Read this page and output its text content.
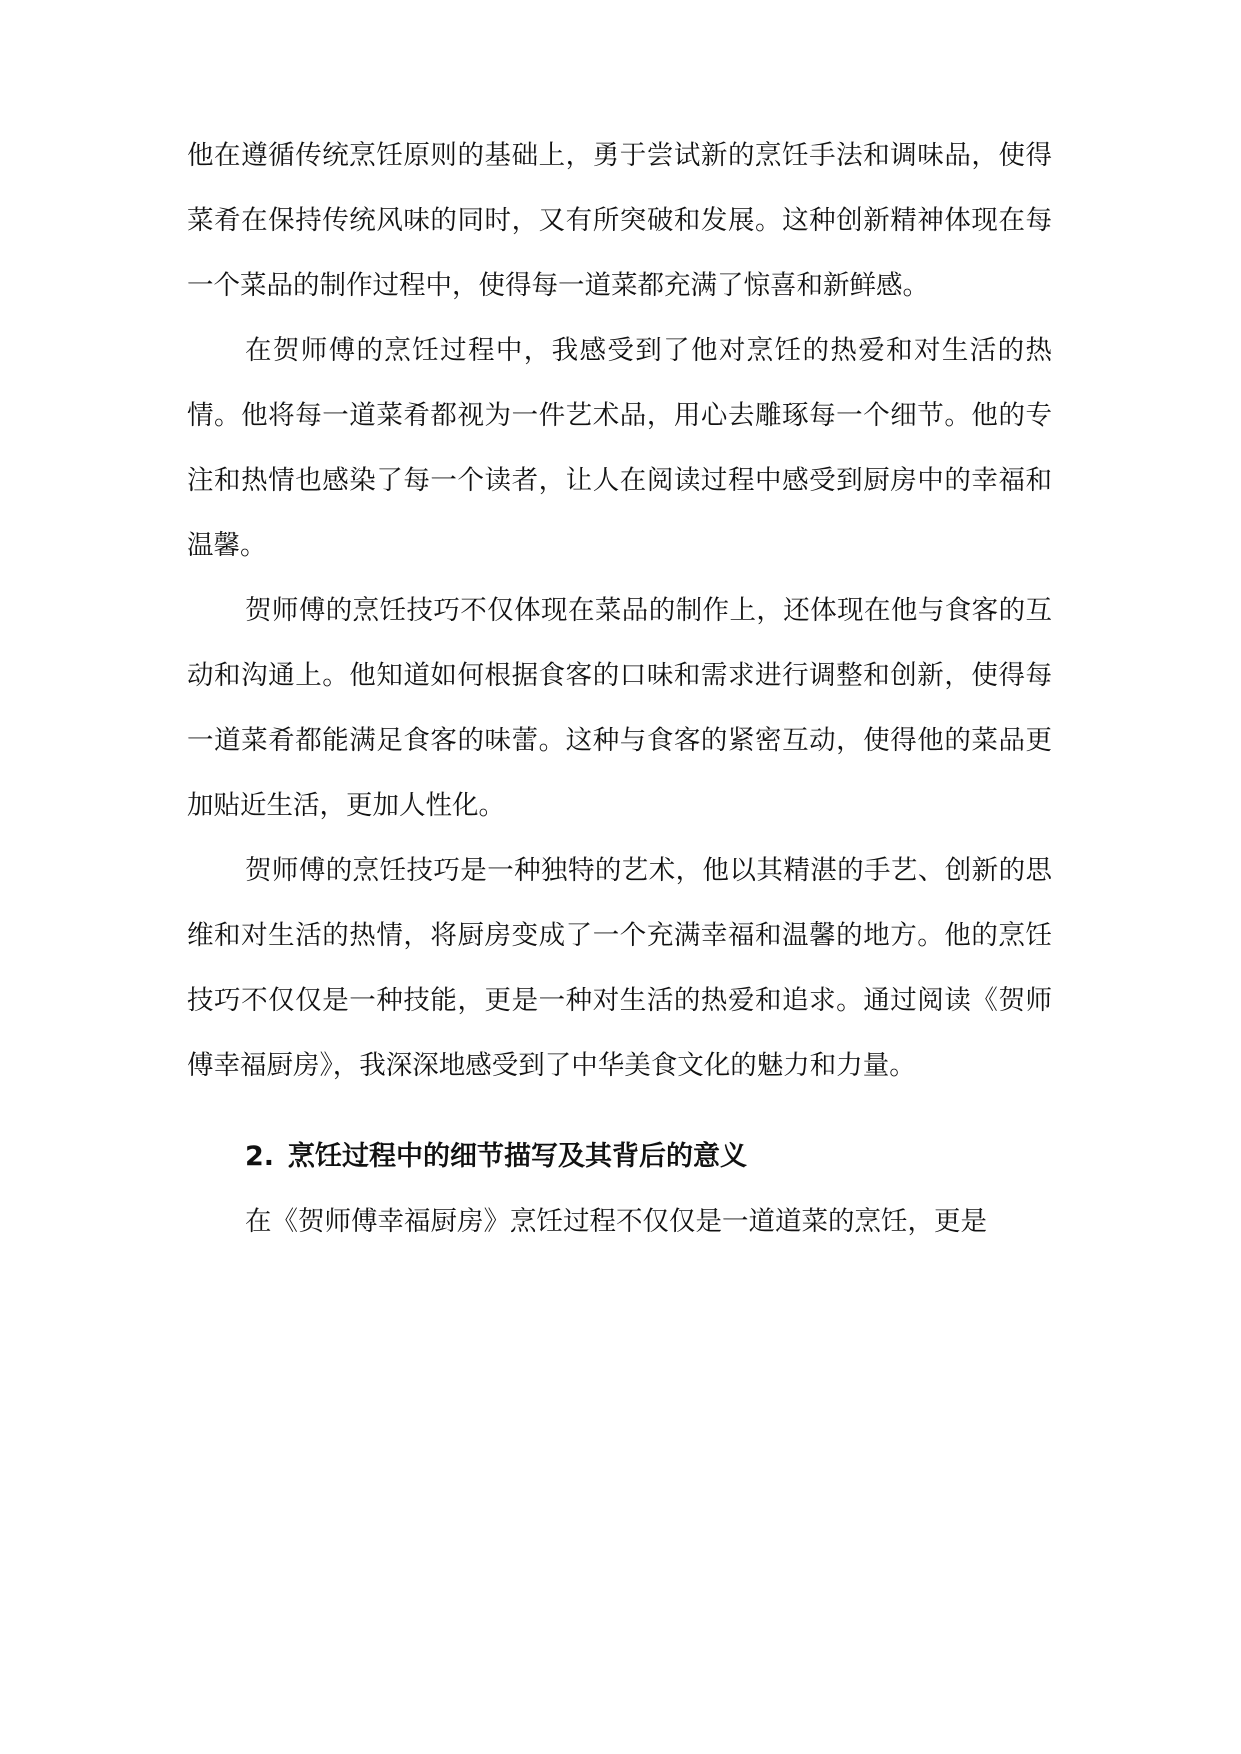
他在遵循传统烹饪原则的基础上，勇于尝试新的烹饪手法和调味品，使得菜肴在保持传统风味的同时，又有所突破和发展。这种创新精神体现在每一个菜品的制作过程中，使得每一道菜都充满了惊喜和新鲜感。

在贺师傅的烹饪过程中，我感受到了他对烹饪的热爱和对生活的热情。他将每一道菜肴都视为一件艺术品，用心去雕琢每一个细节。他的专注和热情也感染了每一个读者，让人在阅读过程中感受到厨房中的幸福和温馨。

贺师傅的烹饪技巧不仅体现在菜品的制作上，还体现在他与食客的互动和沟通上。他知道如何根据食客的口味和需求进行调整和创新，使得每一道菜肴都能满足食客的味蕾。这种与食客的紧密互动，使得他的菜品更加贴近生活，更加人性化。

贺师傅的烹饪技巧是一种独特的艺术，他以其精湛的手艺、创新的思维和对生活的热情，将厨房变成了一个充满幸福和温馨的地方。他的烹饪技巧不仅仅是一种技能，更是一种对生活的热爱和追求。通过阅读《贺师傅幸福厨房》，我深深地感受到了中华美食文化的魅力和力量。

2. 烹饪过程中的细节描写及其背后的意义

在《贺师傅幸福厨房》烹饪过程不仅仅是一道道菜的烹饪，更是
